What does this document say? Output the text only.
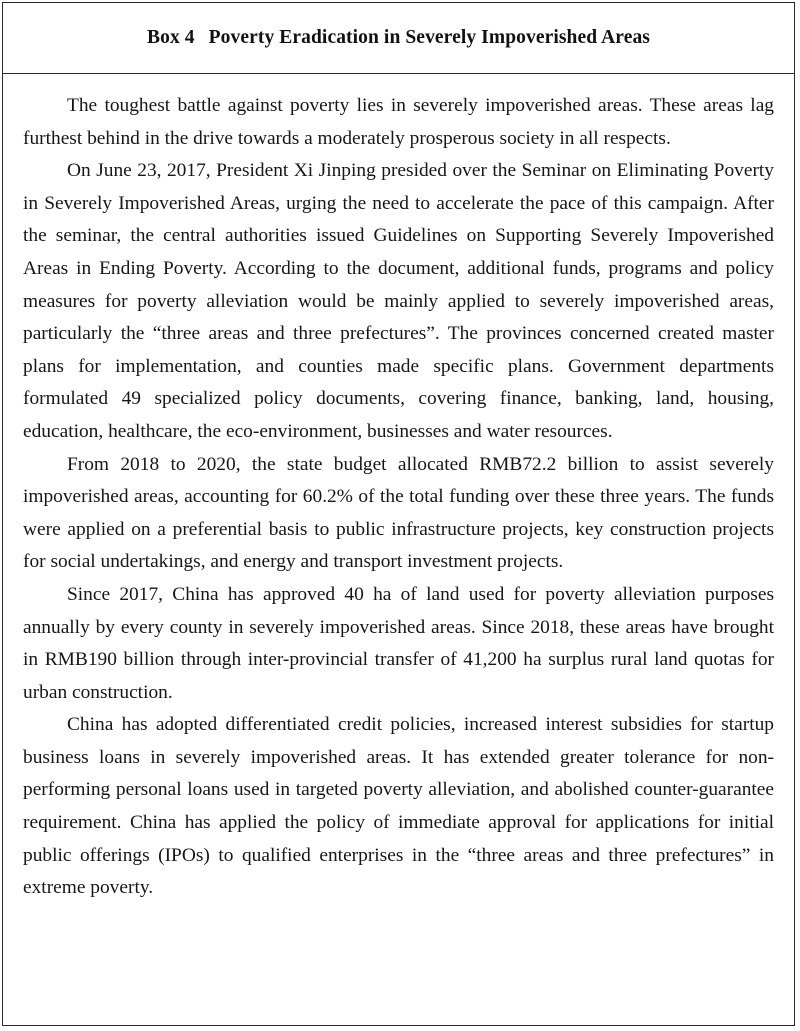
Box 4 Poverty Eradication in Severely Impoverished Areas

The toughest battle against poverty lies in severely impoverished areas. These areas lag furthest behind in the drive towards a moderately prosperous society in all respects.

On June 23, 2017, President Xi Jinping presided over the Seminar on Eliminating Poverty in Severely Impoverished Areas, urging the need to accelerate the pace of this campaign. After the seminar, the central authorities issued Guidelines on Supporting Severely Impoverished Areas in Ending Poverty. According to the document, additional funds, programs and policy measures for poverty alleviation would be mainly applied to severely impoverished areas, particularly the “three areas and three prefectures”. The provinces concerned created master plans for implementation, and counties made specific plans. Government departments formulated 49 specialized policy documents, covering finance, banking, land, housing, education, healthcare, the eco-environment, businesses and water resources.

From 2018 to 2020, the state budget allocated RMB72.2 billion to assist severely impoverished areas, accounting for 60.2% of the total funding over these three years. The funds were applied on a preferential basis to public infrastructure projects, key construction projects for social undertakings, and energy and transport investment projects.

Since 2017, China has approved 40 ha of land used for poverty alleviation purposes annually by every county in severely impoverished areas. Since 2018, these areas have brought in RMB190 billion through inter-provincial transfer of 41,200 ha surplus rural land quotas for urban construction.

China has adopted differentiated credit policies, increased interest subsidies for startup business loans in severely impoverished areas. It has extended greater tolerance for non-performing personal loans used in targeted poverty alleviation, and abolished counter-guarantee requirement. China has applied the policy of immediate approval for applications for initial public offerings (IPOs) to qualified enterprises in the “three areas and three prefectures” in extreme poverty.
